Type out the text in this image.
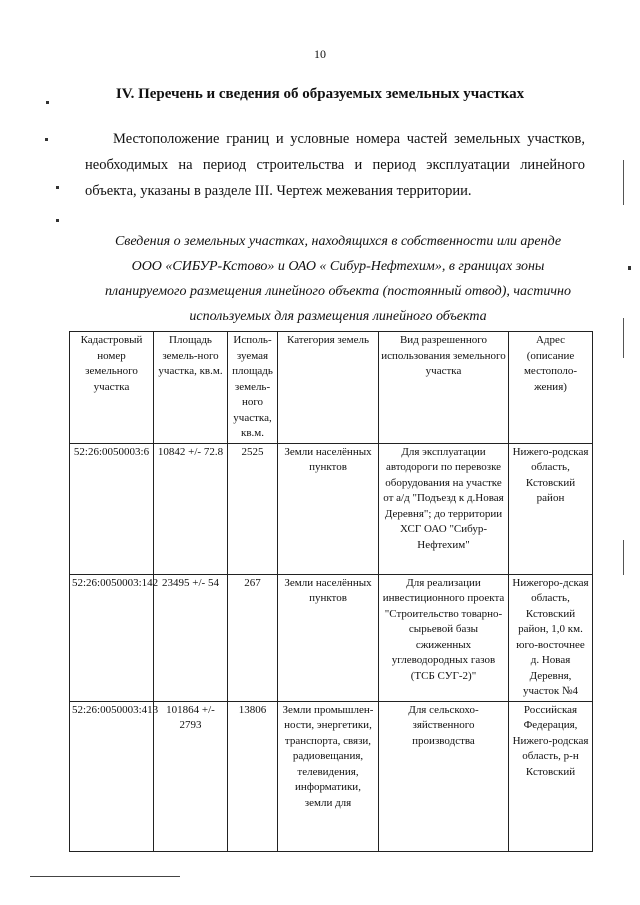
10
IV. Перечень и сведения об образуемых земельных участках

Местоположение границ и условные номера частей земельных участков, необходимых на период строительства и период эксплуатации линейного объекта, указаны в разделе III. Чертеж межевания территории.

Сведения о земельных участках, находящихся в собственности или аренде
ООО «СИБУР-Кстово» и ОАО « Сибур-Нефтехим», в границах зоны
планируемого размещения линейного объекта (постоянный отвод), частично
используемых для размещения линейного объекта
Кадастровый номер земельного участка	Площадь земель-ного участка, кв.м.	Исполь-зуемая площадь земель-ного участка, кв.м.	Категория земель	Вид разрешенного использования земельного участка	Адрес (описание местополо-жения)
52:26:0050003:6	10842 +/- 72.8	2525	Земли населённых пунктов	Для эксплуатации автодороги по перевозке оборудования на участке от а/д "Подъезд к д.Новая Деревня"; до территории ХСГ ОАО "Сибур-Нефтехим"	Нижего-родская область, Кстовский район
52:26:0050003:142	23495 +/- 54	267	Земли населённых пунктов	Для реализации инвестиционного проекта "Строительство товарно-сырьевой базы сжиженных углеводородных газов (ТСБ СУГ-2)"	Нижегоро-дская область, Кстовский район, 1,0 км. юго-восточнее д. Новая Деревня, участок №4
52:26:0050003:413	101864 +/- 2793	13806	Земли промышлен-ности, энергетики, транспорта, связи, радиовещания, телевидения, информатики, земли для	Для сельскохо-зяйственного производства	Российская Федерация, Нижего-родская область, р-н Кстовский
